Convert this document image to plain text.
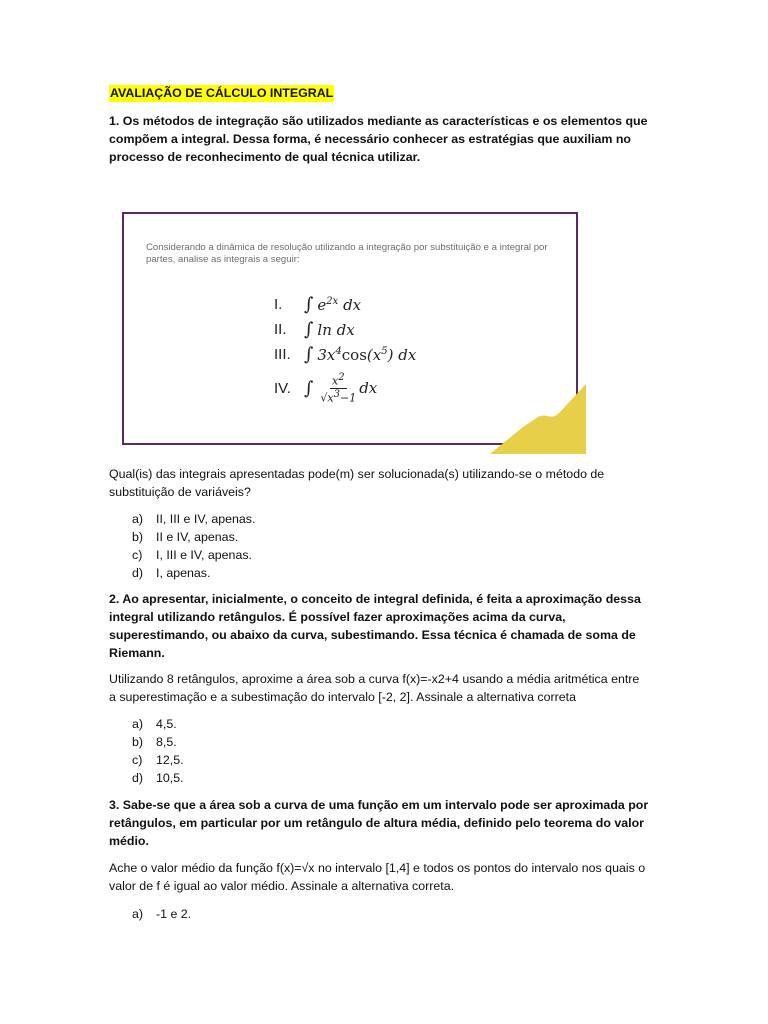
AVALIAÇÃO DE CÁLCULO INTEGRAL

1. Os métodos de integração são utilizados mediante as características e os elementos que compõem a integral. Dessa forma, é necessário conhecer as estratégias que auxiliam no processo de reconhecimento de qual técnica utilizar.

Considerando a dinâmica de resolução utilizando a integração por substituição e a integral por partes, analise as integrais a seguir:
I.	∫ $e^{2x}$ dx
II. ∫ ln dx
III. ∫ $3x^4\cos(x^5)$ dx
IV. ∫ $\frac{x^2}{√x^3-1}$ dx

Qual(is) das integrais apresentadas pode(m) ser solucionada(s) utilizando-se o método de substituição de variáveis?

a)	II, III e IV, apenas.
b)	II e IV, apenas.
c)	I, III e IV, apenas.
d)	I, apenas.

2. Ao apresentar, inicialmente, o conceito de integral definida, é feita a aproximação dessa integral utilizando retângulos. É possível fazer aproximações acima da curva, superestimando, ou abaixo da curva, subestimando. Essa técnica é chamada de soma de Riemann.

Utilizando 8 retângulos, aproxime a área sob a curva f(x)=-x2+4 usando a média aritmética entre a superestimação e a subestimação do intervalo [-2, 2]. Assinale a alternativa correta

a)	4,5.
b)	8,5.
c)	12,5.
d)	10,5.

3. Sabe-se que a área sob a curva de uma função em um intervalo pode ser aproximada por retângulos, em particular por um retângulo de altura média, definido pelo teorema do valor médio.

Ache o valor médio da função f(x)=√x no intervalo [1,4] e todos os pontos do intervalo nos quais o valor de f é igual ao valor médio. Assinale a alternativa correta.

a)	-1 e 2.
